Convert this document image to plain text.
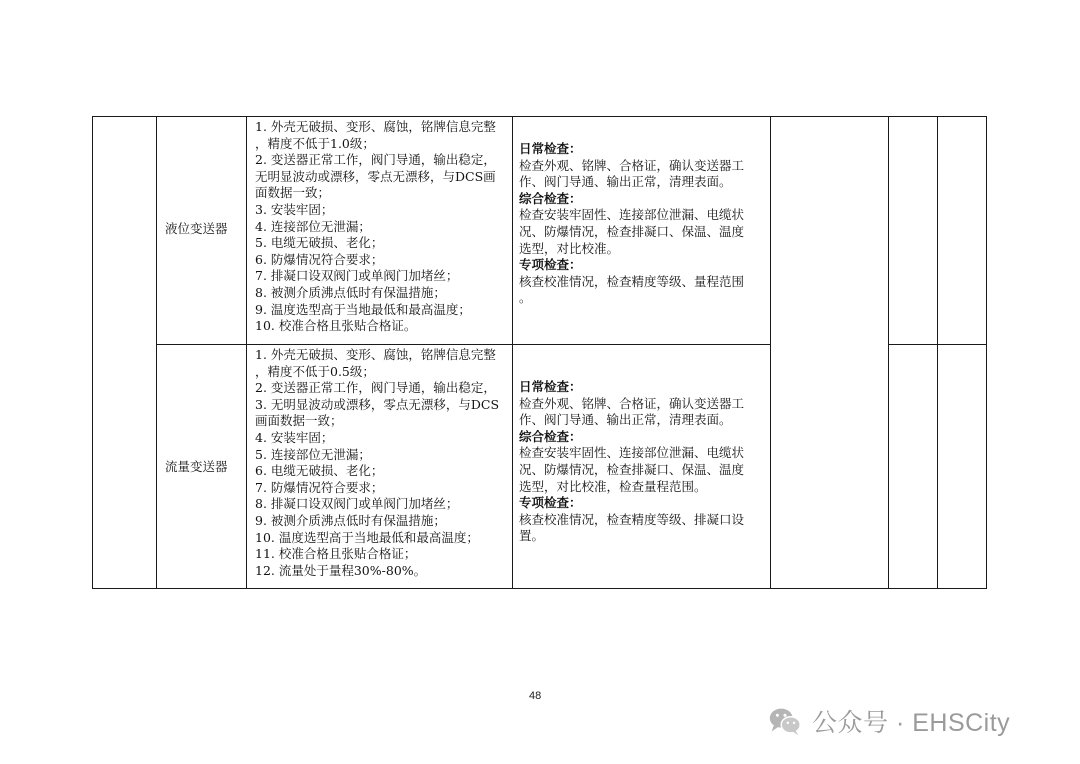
液位变送器
1. 外壳无破损、变形、腐蚀，铭牌信息完整
，精度不低于1.0级；
2. 变送器正常工作，阀门导通，输出稳定，
无明显波动或漂移，零点无漂移，与DCS画
面数据一致；
3. 安装牢固；
4. 连接部位无泄漏；
5. 电缆无破损、老化；
6. 防爆情况符合要求；
7. 排凝口设双阀门或单阀门加堵丝；
8. 被测介质沸点低时有保温措施；
9. 温度选型高于当地最低和最高温度；
10. 校准合格且张贴合格证。
日常检查：
检查外观、铭牌、合格证，确认变送器工
作、阀门导通、输出正常，清理表面。
综合检查：
检查安装牢固性、连接部位泄漏、电缆状
况、防爆情况，检查排凝口、保温、温度
选型，对比校准。
专项检查：
核查校准情况，检查精度等级、量程范围
。
流量变送器
1. 外壳无破损、变形、腐蚀，铭牌信息完整
，精度不低于0.5级；
2. 变送器正常工作，阀门导通，输出稳定，
3. 无明显波动或漂移，零点无漂移，与DCS
画面数据一致；
4. 安装牢固；
5. 连接部位无泄漏；
6. 电缆无破损、老化；
7. 防爆情况符合要求；
8. 排凝口设双阀门或单阀门加堵丝；
9. 被测介质沸点低时有保温措施；
10. 温度选型高于当地最低和最高温度；
11. 校准合格且张贴合格证；
12. 流量处于量程30%-80%。
日常检查：
检查外观、铭牌、合格证，确认变送器工
作、阀门导通、输出正常，清理表面。
综合检查：
检查安装牢固性、连接部位泄漏、电缆状
况、防爆情况，检查排凝口、保温、温度
选型，对比校准，检查量程范围。
专项检查：
核查校准情况，检查精度等级、排凝口设
置。
48
公众号 · EHSCity
